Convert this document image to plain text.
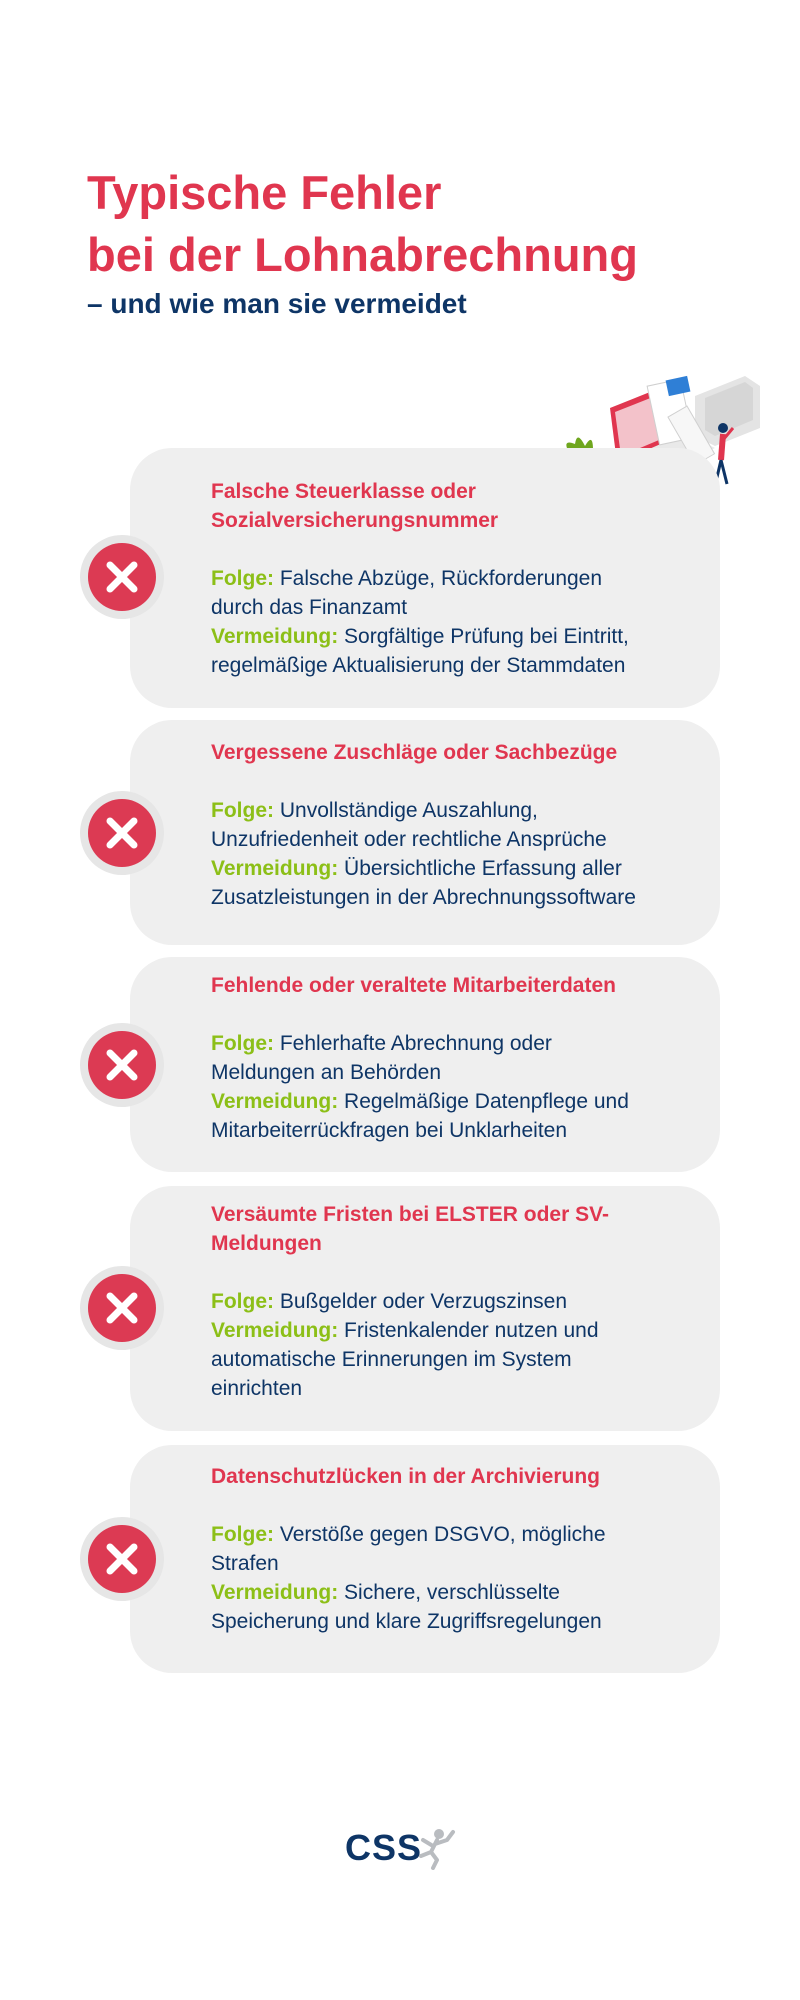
Typische Fehler
bei der Lohnabrechnung
– und wie man sie vermeidet

Falsche Steuerklasse oder
Sozialversicherungsnummer

Folge: Falsche Abzüge, Rückforderungen
durch das Finanzamt

Vermeidung: Sorgfältige Prüfung bei Eintritt,
regelmäßige Aktualisierung der Stammdaten

Vergessene Zuschläge oder Sachbezüge

Folge: Unvollständige Auszahlung,
Unzufriedenheit oder rechtliche Ansprüche

Vermeidung: Übersichtliche Erfassung aller
Zusatzleistungen in der Abrechnungssoftware

Fehlende oder veraltete Mitarbeiterdaten

Folge: Fehlerhafte Abrechnung oder
Meldungen an Behörden

Vermeidung: Regelmäßige Datenpflege und
Mitarbeiterrückfragen bei Unklarheiten

Versäumte Fristen bei ELSTER oder SV-
Meldungen

Folge: Bußgelder oder Verzugszinsen

Vermeidung: Fristenkalender nutzen und
automatische Erinnerungen im System
einrichten

Datenschutzlücken in der Archivierung

Folge: Verstöße gegen DSGVO, mögliche
Strafen

Vermeidung: Sichere, verschlüsselte
Speicherung und klare Zugriffsregelungen

CSS
